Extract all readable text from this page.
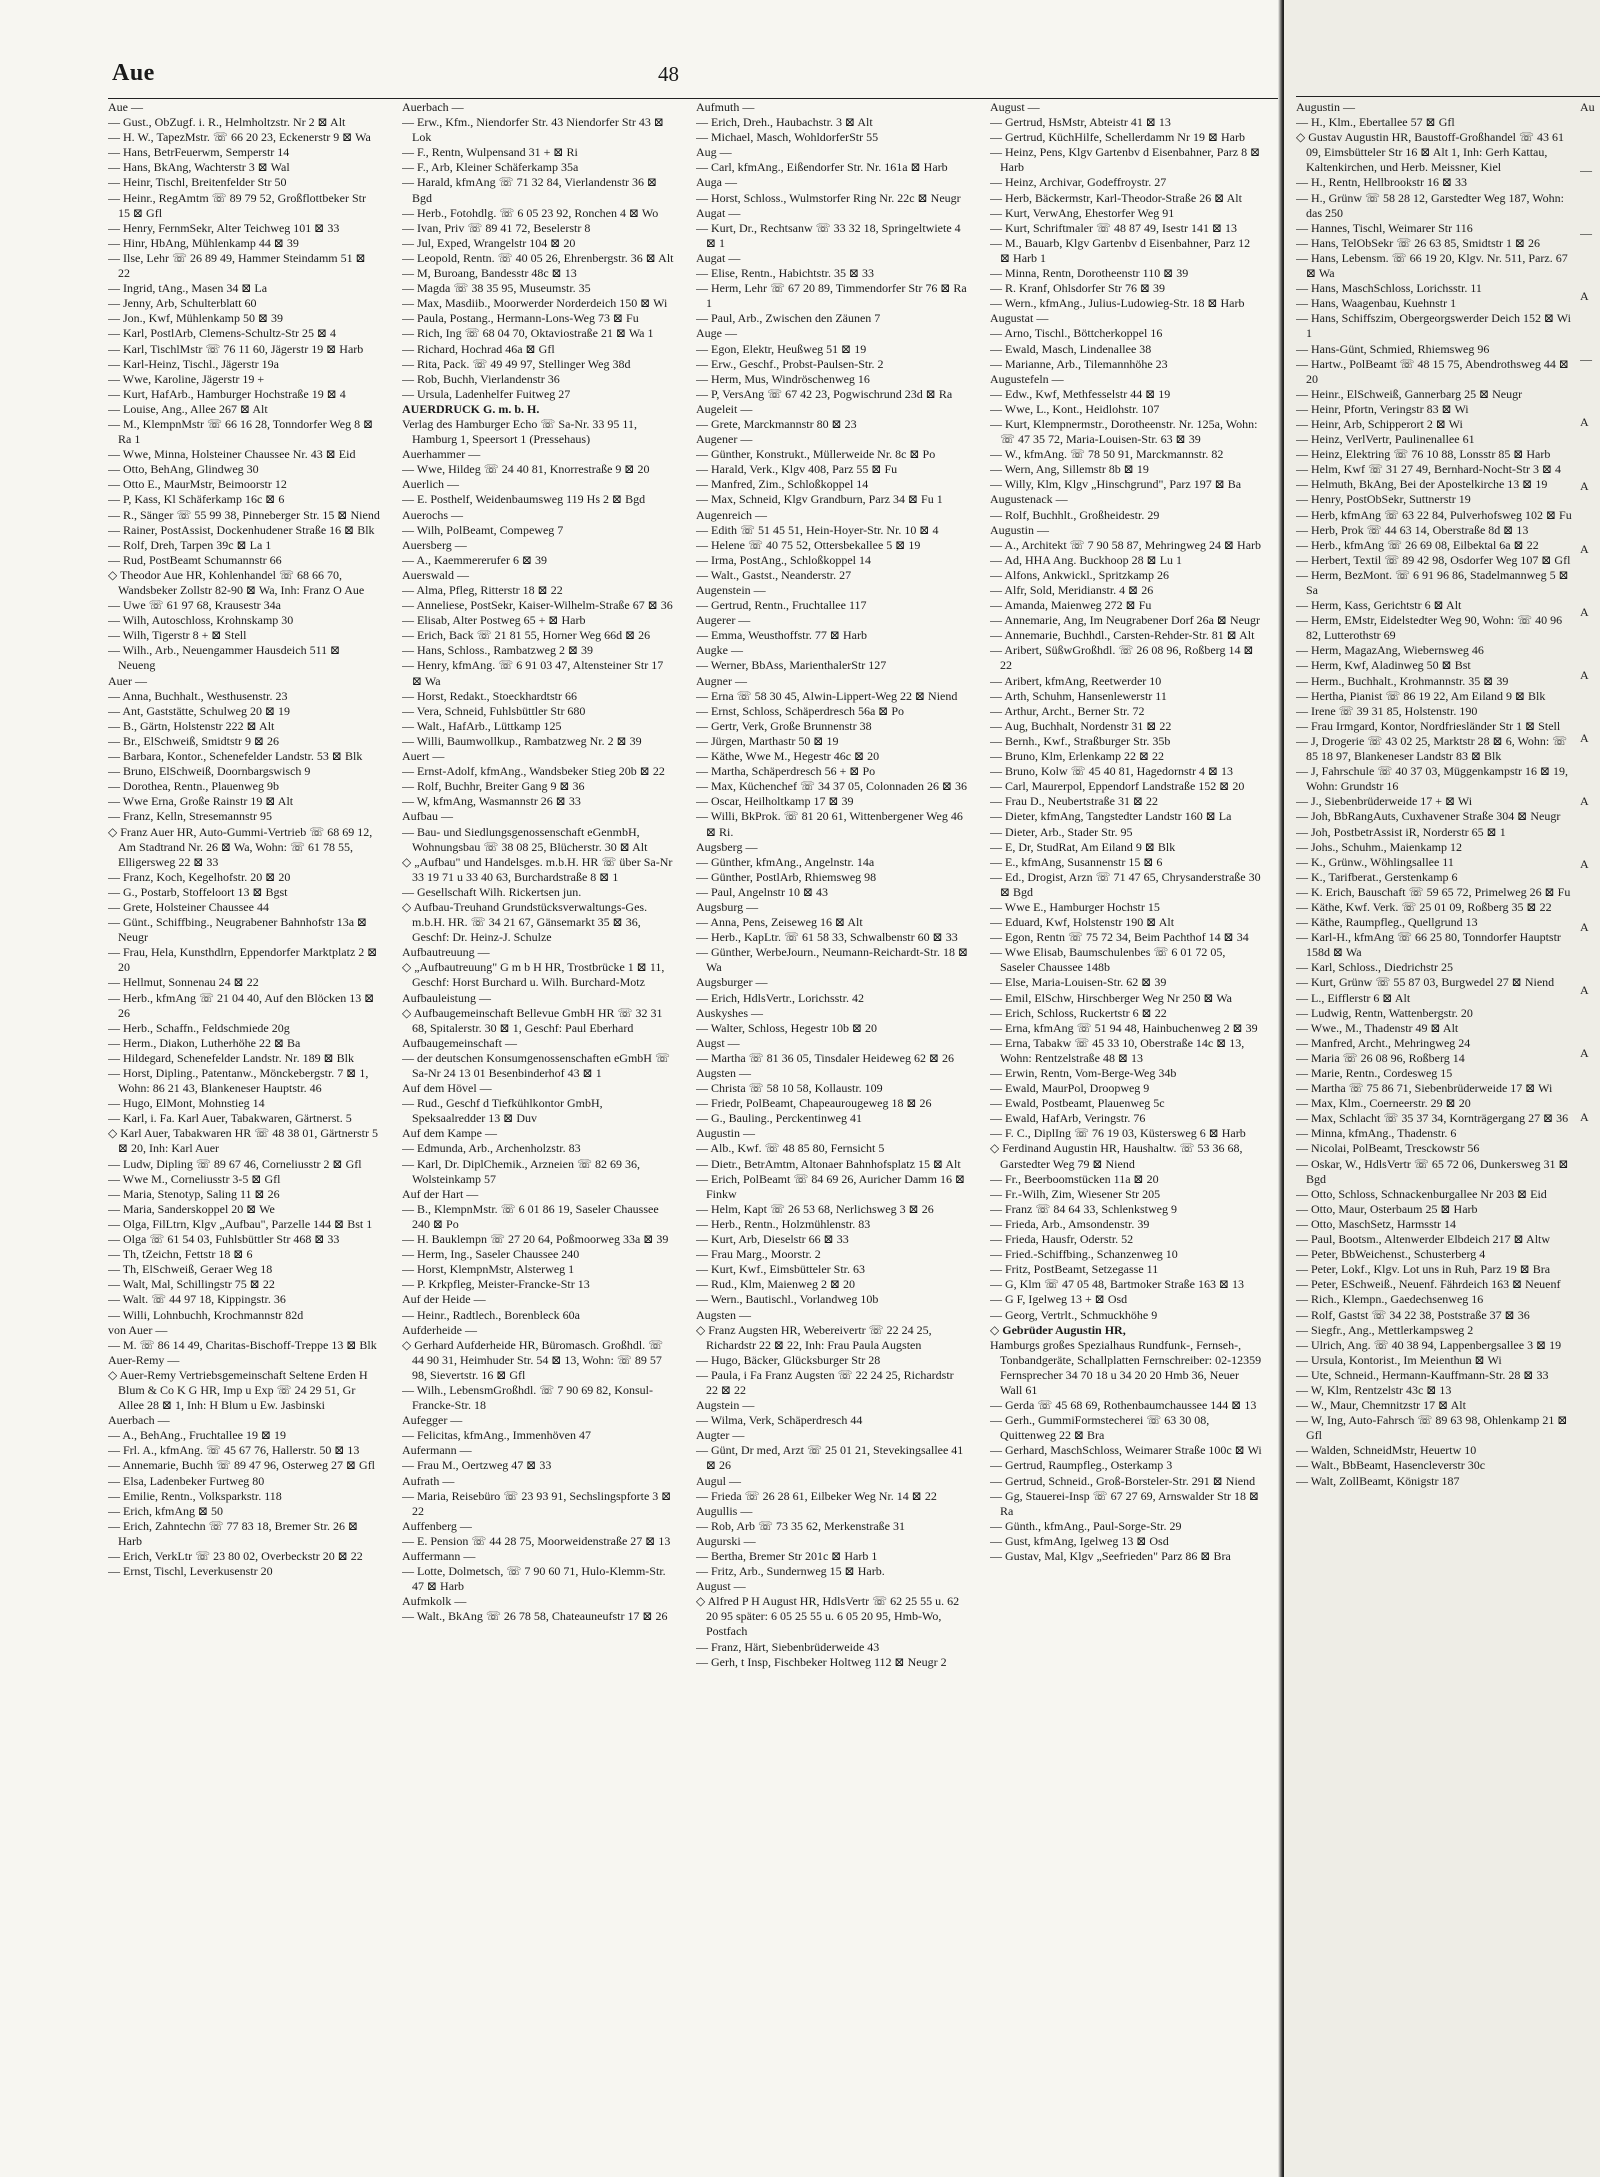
Aue	48

Aue —

— Gust., ObZugf. i. R., Helmholtzstr. Nr 2 ⊠ Alt

— H. W., TapezMstr. ☏ 66 20 23, Eckenerstr 9 ⊠ Wa

— Hans, BetrFeuerwm, Semperstr 14

— Hans, BkAng, Wachterstr 3 ⊠ Wal

— Heinr, Tischl, Breitenfelder Str 50

— Heinr., RegAmtm ☏ 89 79 52, Großflottbeker Str 15 ⊠ Gfl

— Henry, FernmSekr, Alter Teichweg 101 ⊠ 33

— Hinr, HbAng, Mühlenkamp 44 ⊠ 39

— Ilse, Lehr ☏ 26 89 49, Hammer Steindamm 51 ⊠ 22

— Ingrid, tAng., Masen 34 ⊠ La

— Jenny, Arb, Schulterblatt 60

— Jon., Kwf, Mühlenkamp 50 ⊠ 39

— Karl, PostlArb, Clemens-Schultz-Str 25 ⊠ 4

— Karl, TischlMstr ☏ 76 11 60, Jägerstr 19 ⊠ Harb

— Karl-Heinz, Tischl., Jägerstr 19a

— Wwe, Karoline, Jägerstr 19 +

— Kurt, HafArb., Hamburger Hochstraße 19 ⊠ 4

— Louise, Ang., Allee 267 ⊠ Alt

— M., KlempnMstr ☏ 66 16 28, Tonndorfer Weg 8 ⊠ Ra 1

— Wwe, Minna, Holsteiner Chaussee Nr. 43 ⊠ Eid

— Otto, BehAng, Glindweg 30

— Otto E., MaurMstr, Beimoorstr 12

— P, Kass, Kl Schäferkamp 16c ⊠ 6

— R., Sänger ☏ 55 99 38, Pinneberger Str. 15 ⊠ Niend

— Rainer, PostAssist, Dockenhudener Straße 16 ⊠ Blk

— Rolf, Dreh, Tarpen 39c ⊠ La 1

— Rud, PostBeamt Schumannstr 66

◇ Theodor Aue HR, Kohlenhandel ☏ 68 66 70, Wandsbeker Zollstr 82-90 ⊠ Wa, Inh: Franz O Aue

— Uwe ☏ 61 97 68, Krausestr 34a

— Wilh, Autoschloss, Krohnskamp 30

— Wilh, Tigerstr 8 + ⊠ Stell

— Wilh., Arb., Neuengammer Hausdeich 511 ⊠ Neueng

Auer —

— Anna, Buchhalt., Westhusenstr. 23

— Ant, Gaststätte, Schulweg 20 ⊠ 19

— B., Gärtn, Holstenstr 222 ⊠ Alt

— Br., ElSchweiß, Smidtstr 9 ⊠ 26

— Barbara, Kontor., Schenefelder Landstr. 53 ⊠ Blk

— Bruno, ElSchweiß, Doornbargswisch 9

— Dorothea, Rentn., Plauenweg 9b

— Wwe Erna, Große Rainstr 19 ⊠ Alt

— Franz, Kelln, Stresemannstr 95

◇ Franz Auer HR, Auto-Gummi-Vertrieb ☏ 68 69 12, Am Stadtrand Nr. 26 ⊠ Wa, Wohn: ☏ 61 78 55, Elligersweg 22 ⊠ 33

— Franz, Koch, Kegelhofstr. 20 ⊠ 20

— G., Postarb, Stoffeloort 13 ⊠ Bgst

— Grete, Holsteiner Chaussee 44

— Günt., Schiffbing., Neugrabener Bahnhofstr 13a ⊠ Neugr

— Frau, Hela, Kunsthdlrn, Eppendorfer Marktplatz 2 ⊠ 20

— Hellmut, Sonnenau 24 ⊠ 22

— Herb., kfmAng ☏ 21 04 40, Auf den Blöcken 13 ⊠ 26

— Herb., Schaffn., Feldschmiede 20g

— Herm., Diakon, Lutherhöhe 22 ⊠ Ba

— Hildegard, Schenefelder Landstr. Nr. 189 ⊠ Blk

— Horst, Dipling., Patentanw., Mönckebergstr. 7 ⊠ 1, Wohn: 86 21 43, Blankeneser Hauptstr. 46

— Hugo, ElMont, Mohnstieg 14

— Karl, i. Fa. Karl Auer, Tabakwaren, Gärtnerst. 5

◇ Karl Auer, Tabakwaren HR ☏ 48 38 01, Gärtnerstr 5 ⊠ 20, Inh: Karl Auer

— Ludw, Dipling ☏ 89 67 46, Corneliusstr 2 ⊠ Gfl

— Wwe M., Corneliusstr 3-5 ⊠ Gfl

— Maria, Stenotyp, Saling 11 ⊠ 26

— Maria, Sanderskoppel 20 ⊠ We

— Olga, FilLtrn, Klgv „Aufbau", Parzelle 144 ⊠ Bst 1

— Olga ☏ 61 54 03, Fuhlsbüttler Str 468 ⊠ 33

— Th, tZeichn, Fettstr 18 ⊠ 6

— Th, ElSchweiß, Geraer Weg 18

— Walt, Mal, Schillingstr 75 ⊠ 22

— Walt. ☏ 44 97 18, Kippingstr. 36

— Willi, Lohnbuchh, Krochmannstr 82d

von Auer —

— M. ☏ 86 14 49, Charitas-Bischoff-Treppe 13 ⊠ Blk

Auer-Remy —

◇ Auer-Remy Vertriebsgemeinschaft Seltene Erden H Blum & Co K G HR, Imp u Exp ☏ 24 29 51, Gr Allee 28 ⊠ 1, Inh: H Blum u Ew. Jasbinski

Auerbach —

— A., BehAng., Fruchtallee 19 ⊠ 19

— Frl. A., kfmAng. ☏ 45 67 76, Hallerstr. 50 ⊠ 13

— Annemarie, Buchh ☏ 89 47 96, Osterweg 27 ⊠ Gfl

— Elsa, Ladenbeker Furtweg 80

— Emilie, Rentn., Volksparkstr. 118

— Erich, kfmAng ⊠ 50

— Erich, Zahntechn ☏ 77 83 18, Bremer Str. 26 ⊠ Harb

— Erich, VerkLtr ☏ 23 80 02, Overbeckstr 20 ⊠ 22

— Ernst, Tischl, Leverkusenstr 20

Auerbach —

— Erw., Kfm., Niendorfer Str. 43 Niendorfer Str 43 ⊠ Lok

— F., Rentn, Wulpensand 31 + ⊠ Ri

— F., Arb, Kleiner Schäferkamp 35a

— Harald, kfmAng ☏ 71 32 84, Vierlandenstr 36 ⊠ Bgd

— Herb., Fotohdlg. ☏ 6 05 23 92, Ronchen 4 ⊠ Wo

— Ivan, Priv ☏ 89 41 72, Beselerstr 8

— Jul, Exped, Wrangelstr 104 ⊠ 20

— Leopold, Rentn. ☏ 40 05 26, Ehrenbergstr. 36 ⊠ Alt

— M, Buroang, Bandesstr 48c ⊠ 13

— Magda ☏ 38 35 95, Museumstr. 35

— Max, Masdiib., Moorwerder Norderdeich 150 ⊠ Wi

— Paula, Postang., Hermann-Lons-Weg 73 ⊠ Fu

— Rich, Ing ☏ 68 04 70, Oktaviostraße 21 ⊠ Wa 1

— Richard, Hochrad 46a ⊠ Gfl

— Rita, Pack. ☏ 49 49 97, Stellinger Weg 38d

— Rob, Buchh, Vierlandenstr 36

— Ursula, Ladenhelfer Fuitweg 27

AUERDRUCK G. m. b. H.

Verlag des Hamburger Echo ☏ Sa-Nr. 33 95 11, Hamburg 1, Speersort 1 (Pressehaus)

Auerhammer —

— Wwe, Hildeg ☏ 24 40 81, Knorrestraße 9 ⊠ 20

Auerlich —

— E. Posthelf, Weidenbaumsweg 119 Hs 2 ⊠ Bgd

Auerochs —

— Wilh, PolBeamt, Compeweg 7

Auersberg —

— A., Kaemmererufer 6 ⊠ 39

Auerswald —

— Alma, Pfleg, Ritterstr 18 ⊠ 22

— Anneliese, PostSekr, Kaiser-Wilhelm-Straße 67 ⊠ 36

— Elisab, Alter Postweg 65 + ⊠ Harb

— Erich, Back ☏ 21 81 55, Horner Weg 66d ⊠ 26

— Hans, Schloss., Rambatzweg 2 ⊠ 39

— Henry, kfmAng. ☏ 6 91 03 47, Altensteiner Str 17 ⊠ Wa

— Horst, Redakt., Stoeckhardtstr 66

— Vera, Schneid, Fuhlsbüttler Str 680

— Walt., HafArb., Lüttkamp 125

— Willi, Baumwollkup., Rambatzweg Nr. 2 ⊠ 39

Auert —

— Ernst-Adolf, kfmAng., Wandsbeker Stieg 20b ⊠ 22

— Rolf, Buchhr, Breiter Gang 9 ⊠ 36

— W, kfmAng, Wasmannstr 26 ⊠ 33

Aufbau —

— Bau- und Siedlungsgenossenschaft eGenmbH, Wohnungsbau ☏ 38 08 25, Blücherstr. 30 ⊠ Alt

◇ „Aufbau" und Handelsges. m.b.H. HR ☏ über Sa-Nr 33 19 71 u 33 40 63, Burchardstraße 8 ⊠ 1

— Gesellschaft Wilh. Rickertsen jun.

◇ Aufbau-Treuhand Grundstücksverwaltungs-Ges. m.b.H. HR. ☏ 34 21 67, Gänsemarkt 35 ⊠ 36, Geschf: Dr. Heinz-J. Schulze

Aufbautreuung —

◇ „Aufbautreuung" G m b H HR, Trostbrücke 1 ⊠ 11, Geschf: Horst Burchard u. Wilh. Burchard-Motz

Aufbauleistung —

◇ Aufbaugemeinschaft Bellevue GmbH HR ☏ 32 31 68, Spitalerstr. 30 ⊠ 1, Geschf: Paul Eberhard

Aufbaugemeinschaft —

— der deutschen Konsumgenossenschaften eGmbH ☏ Sa-Nr 24 13 01 Besenbinderhof 43 ⊠ 1

Auf dem Hövel —

— Rud., Geschf d Tiefkühlkontor GmbH, Speksaalredder 13 ⊠ Duv

Auf dem Kampe —

— Edmunda, Arb., Archenholzstr. 83

— Karl, Dr. DiplChemik., Arzneien ☏ 82 69 36, Wolsteinkamp 57

Auf der Hart —

— B., KlempnMstr. ☏ 6 01 86 19, Saseler Chaussee 240 ⊠ Po

— H. Bauklempn ☏ 27 20 64, Poßmoorweg 33a ⊠ 39

— Herm, Ing., Saseler Chaussee 240

— Horst, KlempnMstr, Alsterweg 1

— P. Krkpfleg, Meister-Francke-Str 13

Auf der Heide —

— Heinr., Radtlech., Borenbleck 60a

Aufderheide —

◇ Gerhard Aufderheide HR, Büromasch. Großhdl. ☏ 44 90 31, Heimhuder Str. 54 ⊠ 13, Wohn: ☏ 89 57 98, Sievertstr. 16 ⊠ Gfl

— Wilh., LebensmGroßhdl. ☏ 7 90 69 82, Konsul-Francke-Str. 18

Aufegger —

— Felicitas, kfmAng., Immenhöven 47

Aufermann —

— Frau M., Oertzweg 47 ⊠ 33

Aufrath —

— Maria, Reisebüro ☏ 23 93 91, Sechslingspforte 3 ⊠ 22

Auffenberg —

— E. Pension ☏ 44 28 75, Moorweidenstraße 27 ⊠ 13

Auffermann —

— Lotte, Dolmetsch, ☏ 7 90 60 71, Hulo-Klemm-Str. 47 ⊠ Harb

Aufmkolk —

— Walt., BkAng ☏ 26 78 58, Chateauneufstr 17 ⊠ 26

Aufmuth —

— Erich, Dreh., Haubachstr. 3 ⊠ Alt

— Michael, Masch, WohldorferStr 55

Aug —

— Carl, kfmAng., Eißendorfer Str. Nr. 161a ⊠ Harb

Auga —

— Horst, Schloss., Wulmstorfer Ring Nr. 22c ⊠ Neugr

Augat —

— Kurt, Dr., Rechtsanw ☏ 33 32 18, Springeltwiete 4 ⊠ 1

Augat —

— Elise, Rentn., Habichtstr. 35 ⊠ 33

— Herm, Lehr ☏ 67 20 89, Timmendorfer Str 76 ⊠ Ra 1

— Paul, Arb., Zwischen den Zäunen 7

Auge —

— Egon, Elektr, Heußweg 51 ⊠ 19

— Erw., Geschf., Probst-Paulsen-Str. 2

— Herm, Mus, Windröschenweg 16

— P, VersAng ☏ 67 42 23, Pogwischrund 23d ⊠ Ra

Augeleit —

— Grete, Marckmannstr 80 ⊠ 23

Augener —

— Günther, Konstrukt., Müllerweide Nr. 8c ⊠ Po

— Harald, Verk., Klgv 408, Parz 55 ⊠ Fu

— Manfred, Zim., Schloßkoppel 14

— Max, Schneid, Klgv Grandburn, Parz 34 ⊠ Fu 1

Augenreich —

— Edith ☏ 51 45 51, Hein-Hoyer-Str. Nr. 10 ⊠ 4

— Helene ☏ 40 75 52, Ottersbekallee 5 ⊠ 19

— Irma, PostAng., Schloßkoppel 14

— Walt., Gastst., Neanderstr. 27

Augenstein —

— Gertrud, Rentn., Fruchtallee 117

Augerer —

— Emma, Weusthoffstr. 77 ⊠ Harb

Augke —

— Werner, BbAss, MarienthalerStr 127

Augner —

— Erna ☏ 58 30 45, Alwin-Lippert-Weg 22 ⊠ Niend

— Ernst, Schloss, Schäperdresch 56a ⊠ Po

— Gertr, Verk, Große Brunnenstr 38

— Jürgen, Marthastr 50 ⊠ 19

— Käthe, Wwe M., Hegestr 46c ⊠ 20

— Martha, Schäperdresch 56 + ⊠ Po

— Max, Küchenchef ☏ 34 37 05, Colonnaden 26 ⊠ 36

— Oscar, Heilholtkamp 17 ⊠ 39

— Willi, BkProk. ☏ 81 20 61, Wittenbergener Weg 46 ⊠ Ri.

Augsberg —

— Günther, kfmAng., Angelnstr. 14a

— Günther, PostlArb, Rhiemsweg 98

— Paul, Angelnstr 10 ⊠ 43

Augsburg —

— Anna, Pens, Zeiseweg 16 ⊠ Alt

— Herb., KapLtr. ☏ 61 58 33, Schwalbenstr 60 ⊠ 33

— Günther, WerbeJourn., Neumann-Reichardt-Str. 18 ⊠ Wa

Augsburger —

— Erich, HdlsVertr., Lorichsstr. 42

Auskyshes —

— Walter, Schloss, Hegestr 10b ⊠ 20

Augst —

— Martha ☏ 81 36 05, Tinsdaler Heideweg 62 ⊠ 26

Augsten —

— Christa ☏ 58 10 58, Kollaustr. 109

— Friedr, PolBeamt, Chapeaurougeweg 18 ⊠ 26

— G., Bauling., Perckentinweg 41

Augustin —

— Alb., Kwf. ☏ 48 85 80, Fernsicht 5

— Dietr., BetrAmtm, Altonaer Bahnhofsplatz 15 ⊠ Alt

— Erich, PolBeamt ☏ 84 69 26, Auricher Damm 16 ⊠ Finkw

— Helm, Kapt ☏ 26 53 68, Nerlichsweg 3 ⊠ 26

— Herb., Rentn., Holzmühlenstr. 83

— Kurt, Arb, Dieselstr 66 ⊠ 33

— Frau Marg., Moorstr. 2

— Kurt, Kwf., Eimsbütteler Str. 63

— Rud., Klm, Maienweg 2 ⊠ 20

— Wern., Bautischl., Vorlandweg 10b

Augsten —

◇ Franz Augsten HR, Webereivertr ☏ 22 24 25, Richardstr 22 ⊠ 22, Inh: Frau Paula Augsten

— Hugo, Bäcker, Glücksburger Str 28

— Paula, i Fa Franz Augsten ☏ 22 24 25, Richardstr 22 ⊠ 22

Augstein —

— Wilma, Verk, Schäperdresch 44

Augter —

— Günt, Dr med, Arzt ☏ 25 01 21, Stevekingsallee 41 ⊠ 26

Augul —

— Frieda ☏ 26 28 61, Eilbeker Weg Nr. 14 ⊠ 22

Augullis —

— Rob, Arb ☏ 73 35 62, Merkenstraße 31

Augurski —

— Bertha, Bremer Str 201c ⊠ Harb 1

— Fritz, Arb., Sundernweg 15 ⊠ Harb.

August —

◇ Alfred P H August HR, HdlsVertr ☏ 62 25 55 u. 62 20 95 später: 6 05 25 55 u. 6 05 20 95, Hmb-Wo, Postfach

— Franz, Härt, Siebenbrüderweide 43

— Gerh, t Insp, Fischbeker Holtweg 112 ⊠ Neugr 2

August —

— Gertrud, HsMstr, Abteistr 41 ⊠ 13

— Gertrud, KüchHilfe, Schellerdamm Nr 19 ⊠ Harb

— Heinz, Pens, Klgv Gartenbv d Eisenbahner, Parz 8 ⊠ Harb

— Heinz, Archivar, Godeffroystr. 27

— Herb, Bäckermstr, Karl-Theodor-Straße 26 ⊠ Alt

— Kurt, VerwAng, Ehestorfer Weg 91

— Kurt, Schriftmaler ☏ 48 87 49, Isestr 141 ⊠ 13

— M., Bauarb, Klgv Gartenbv d Eisenbahner, Parz 12 ⊠ Harb 1

— Minna, Rentn, Dorotheenstr 110 ⊠ 39

— R. Kranf, Ohlsdorfer Str 76 ⊠ 39

— Wern., kfmAng., Julius-Ludowieg-Str. 18 ⊠ Harb

Augustat —

— Arno, Tischl., Böttcherkoppel 16

— Ewald, Masch, Lindenallee 38

— Marianne, Arb., Tilemannhöhe 23

Augustefeln —

— Edw., Kwf, Methfesselstr 44 ⊠ 19

— Wwe, L., Kont., Heidlohstr. 107

— Kurt, Klempnermstr., Dorotheenstr. Nr. 125a, Wohn: ☏ 47 35 72, Maria-Louisen-Str. 63 ⊠ 39

— W., kfmAng. ☏ 78 50 91, Marckmannstr. 82

— Wern, Ang, Sillemstr 8b ⊠ 19

— Willy, Klm, Klgv „Hinschgrund", Parz 197 ⊠ Ba

Augustenack —

— Rolf, Buchhlt., Großheidestr. 29

Augustin —

— A., Architekt ☏ 7 90 58 87, Mehringweg 24 ⊠ Harb

— Ad, HHA Ang. Buckhoop 28 ⊠ Lu 1

— Alfons, Ankwickl., Spritzkamp 26

— Alfr, Sold, Meridianstr. 4 ⊠ 26

— Amanda, Maienweg 272 ⊠ Fu

— Annemarie, Ang, Im Neugrabener Dorf 26a ⊠ Neugr

— Annemarie, Buchhdl., Carsten-Rehder-Str. 81 ⊠ Alt

— Aribert, SüßwGroßhdl. ☏ 26 08 96, Roßberg 14 ⊠ 22

— Aribert, kfmAng, Reetwerder 10

— Arth, Schuhm, Hansenlewerstr 11

— Arthur, Archt., Berner Str. 72

— Aug, Buchhalt, Nordenstr 31 ⊠ 22

— Bernh., Kwf., Straßburger Str. 35b

— Bruno, Klm, Erlenkamp 22 ⊠ 22

— Bruno, Kolw ☏ 45 40 81, Hagedornstr 4 ⊠ 13

— Carl, Maurerpol, Eppendorf Landstraße 152 ⊠ 20

— Frau D., Neubertstraße 31 ⊠ 22

— Dieter, kfmAng, Tangstedter Landstr 160 ⊠ La

— Dieter, Arb., Stader Str. 95

— E, Dr, StudRat, Am Eiland 9 ⊠ Blk

— E., kfmAng, Susannenstr 15 ⊠ 6

— Ed., Drogist, Arzn ☏ 71 47 65, Chrysanderstraße 30 ⊠ Bgd

— Wwe E., Hamburger Hochstr 15

— Eduard, Kwf, Holstenstr 190 ⊠ Alt

— Egon, Rentn ☏ 75 72 34, Beim Pachthof 14 ⊠ 34

— Wwe Elisab, Baumschulenbes ☏ 6 01 72 05, Saseler Chaussee 148b

— Else, Maria-Louisen-Str. 62 ⊠ 39

— Emil, ElSchw, Hirschberger Weg Nr 250 ⊠ Wa

— Erich, Schloss, Ruckertstr 6 ⊠ 22

— Erna, kfmAng ☏ 51 94 48, Hainbuchenweg 2 ⊠ 39

— Erna, Tabakw ☏ 45 33 10, Oberstraße 14c ⊠ 13, Wohn: Rentzelstraße 48 ⊠ 13

— Erwin, Rentn, Vom-Berge-Weg 34b

— Ewald, MaurPol, Droopweg 9

— Ewald, Postbeamt, Plauenweg 5c

— Ewald, HafArb, Veringstr. 76

— F. C., DiplIng ☏ 76 19 03, Küstersweg 6 ⊠ Harb

◇ Ferdinand Augustin HR, Haushaltw. ☏ 53 36 68, Garstedter Weg 79 ⊠ Niend

— Fr., Beerboomstücken 11a ⊠ 20

— Fr.-Wilh, Zim, Wiesener Str 205

— Franz ☏ 84 64 33, Schlenkstweg 9

— Frieda, Arb., Amsondenstr. 39

— Frieda, Hausfr, Oderstr. 52

— Fried.-Schiffbing., Schanzenweg 10

— Fritz, PostBeamt, Setzegasse 11

— G, Klm ☏ 47 05 48, Bartmoker Straße 163 ⊠ 13

— G F, Igelweg 13 + ⊠ Osd

— Georg, Vertrlt., Schmuckhöhe 9

◇ Gebrüder Augustin HR,

Hamburgs großes Spezialhaus Rundfunk-, Fernseh-, Tonbandgeräte, Schallplatten Fernschreiber: 02-12359 Fernsprecher 34 70 18 u 34 20 20 Hmb 36, Neuer Wall 61

— Gerda ☏ 45 68 69, Rothenbaumchaussee 144 ⊠ 13

— Gerh., GummiFormstecherei ☏ 63 30 08, Quittenweg 22 ⊠ Bra

— Gerhard, MaschSchloss, Weimarer Straße 100c ⊠ Wi

— Gertrud, Raumpfleg., Osterkamp 3

— Gertrud, Schneid., Groß-Borsteler-Str. 291 ⊠ Niend

— Gg, Stauerei-Insp ☏ 67 27 69, Arnswalder Str 18 ⊠ Ra

— Günth., kfmAng., Paul-Sorge-Str. 29

— Gust, kfmAng, Igelweg 13 ⊠ Osd

— Gustav, Mal, Klgv „Seefrieden" Parz 86 ⊠ Bra

Augustin —

— H., Klm., Ebertallee 57 ⊠ Gfl

◇ Gustav Augustin HR, Baustoff-Großhandel ☏ 43 61 09, Eimsbütteler Str 16 ⊠ Alt 1, Inh: Gerh Kattau, Kaltenkirchen, und Herb. Meissner, Kiel

— H., Rentn, Hellbrookstr 16 ⊠ 33

— H., Grünw ☏ 58 28 12, Garstedter Weg 187, Wohn: das 250

— Hannes, Tischl, Weimarer Str 116

— Hans, TelObSekr ☏ 26 63 85, Smidtstr 1 ⊠ 26

— Hans, Lebensm. ☏ 66 19 20, Klgv. Nr. 511, Parz. 67 ⊠ Wa

— Hans, MaschSchloss, Lorichsstr. 11

— Hans, Waagenbau, Kuehnstr 1

— Hans, Schiffszim, Obergeorgswerder Deich 152 ⊠ Wi 1

— Hans-Günt, Schmied, Rhiemsweg 96

— Hartw., PolBeamt ☏ 48 15 75, Abendrothsweg 44 ⊠ 20

— Heinr., ElSchweiß, Gannerbarg 25 ⊠ Neugr

— Heinr, Pfortn, Veringstr 83 ⊠ Wi

— Heinr, Arb, Schipperort 2 ⊠ Wi

— Heinz, VerlVertr, Paulinenallee 61

— Heinz, Elektring ☏ 76 10 88, Lonsstr 85 ⊠ Harb

— Helm, Kwf ☏ 31 27 49, Bernhard-Nocht-Str 3 ⊠ 4

— Helmuth, BkAng, Bei der Apostelkirche 13 ⊠ 19

— Henry, PostObSekr, Suttnerstr 19

— Herb, kfmAng ☏ 63 22 84, Pulverhofsweg 102 ⊠ Fu

— Herb, Prok ☏ 44 63 14, Oberstraße 8d ⊠ 13

— Herb., kfmAng ☏ 26 69 08, Eilbektal 6a ⊠ 22

— Herbert, Textil ☏ 89 42 98, Osdorfer Weg 107 ⊠ Gfl

— Herm, BezMont. ☏ 6 91 96 86, Stadelmannweg 5 ⊠ Sa

— Herm, Kass, Gerichtstr 6 ⊠ Alt

— Herm, EMstr, Eidelstedter Weg 90, Wohn: ☏ 40 96 82, Lutterothstr 69

— Herm, MagazAng, Wiebernsweg 46

— Herm, Kwf, Aladinweg 50 ⊠ Bst

— Herm., Buchhalt., Krohmannstr. 35 ⊠ 39

— Hertha, Pianist ☏ 86 19 22, Am Eiland 9 ⊠ Blk

— Irene ☏ 39 31 85, Holstenstr. 190

— Frau Irmgard, Kontor, Nordfriesländer Str 1 ⊠ Stell

— J, Drogerie ☏ 43 02 25, Marktstr 28 ⊠ 6, Wohn: ☏ 85 18 97, Blankeneser Landstr 83 ⊠ Blk

— J, Fahrschule ☏ 40 37 03, Müggenkampstr 16 ⊠ 19, Wohn: Grundstr 16

— J., Siebenbrüderweide 17 + ⊠ Wi

— Joh, BbRangAuts, Cuxhavener Straße 304 ⊠ Neugr

— Joh, PostbetrAssist iR, Norderstr 65 ⊠ 1

— Johs., Schuhm., Maienkamp 12

— K., Grünw., Wöhlingsallee 11

— K., Tarifberat., Gerstenkamp 6

— K. Erich, Bauschaft ☏ 59 65 72, Primelweg 26 ⊠ Fu

— Käthe, Kwf. Verk. ☏ 25 01 09, Roßberg 35 ⊠ 22

— Käthe, Raumpfleg., Quellgrund 13

— Karl-H., kfmAng ☏ 66 25 80, Tonndorfer Hauptstr 158d ⊠ Wa

— Karl, Schloss., Diedrichstr 25

— Kurt, Grünw ☏ 55 87 03, Burgwedel 27 ⊠ Niend

— L., Eifflerstr 6 ⊠ Alt

— Ludwig, Rentn, Wattenbergstr. 20

— Wwe., M., Thadenstr 49 ⊠ Alt

— Manfred, Archt., Mehringweg 24

— Maria ☏ 26 08 96, Roßberg 14

— Marie, Rentn., Cordesweg 15

— Martha ☏ 75 86 71, Siebenbrüderweide 17 ⊠ Wi

— Max, Klm., Coerneerstr. 29 ⊠ 20

— Max, Schlacht ☏ 35 37 34, Kornträgergang 27 ⊠ 36

— Minna, kfmAng., Thadenstr. 6

— Nicolai, PolBeamt, Tresckowstr 56

— Oskar, W., HdlsVertr ☏ 65 72 06, Dunkersweg 31 ⊠ Bgd

— Otto, Schloss, Schnackenburgallee Nr 203 ⊠ Eid

— Otto, Maur, Osterbaum 25 ⊠ Harb

— Otto, MaschSetz, Harmsstr 14

— Paul, Bootsm., Altenwerder Elbdeich 217 ⊠ Altw

— Peter, BbWeichenst., Schusterberg 4

— Peter, Lokf., Klgv. Lot uns in Ruh, Parz 19 ⊠ Bra

— Peter, ESchweiß., Neuenf. Fährdeich 163 ⊠ Neuenf

— Rich., Klempn., Gaedechsenweg 16

— Rolf, Gastst ☏ 34 22 38, Poststraße 37 ⊠ 36

— Siegfr., Ang., Mettlerkampsweg 2

— Ulrich, Ang. ☏ 40 38 94, Lappenbergsallee 3 ⊠ 19

— Ursula, Kontorist., Im Meienthun ⊠ Wi

— Ute, Schneid., Hermann-Kauffmann-Str. 28 ⊠ 33

— W, Klm, Rentzelstr 43c ⊠ 13

— W., Maur, Chemnitzstr 17 ⊠ Alt

— W, Ing, Auto-Fahrsch ☏ 89 63 98, Ohlenkamp 21 ⊠ Gfl

— Walden, SchneidMstr, Heuertw 10

— Walt., BbBeamt, Hasencleverstr 30c

— Walt, ZollBeamt, Königstr 187

Au
—
—
A
—
A
A
A
A
A
A
A
A
A
A
A
A
